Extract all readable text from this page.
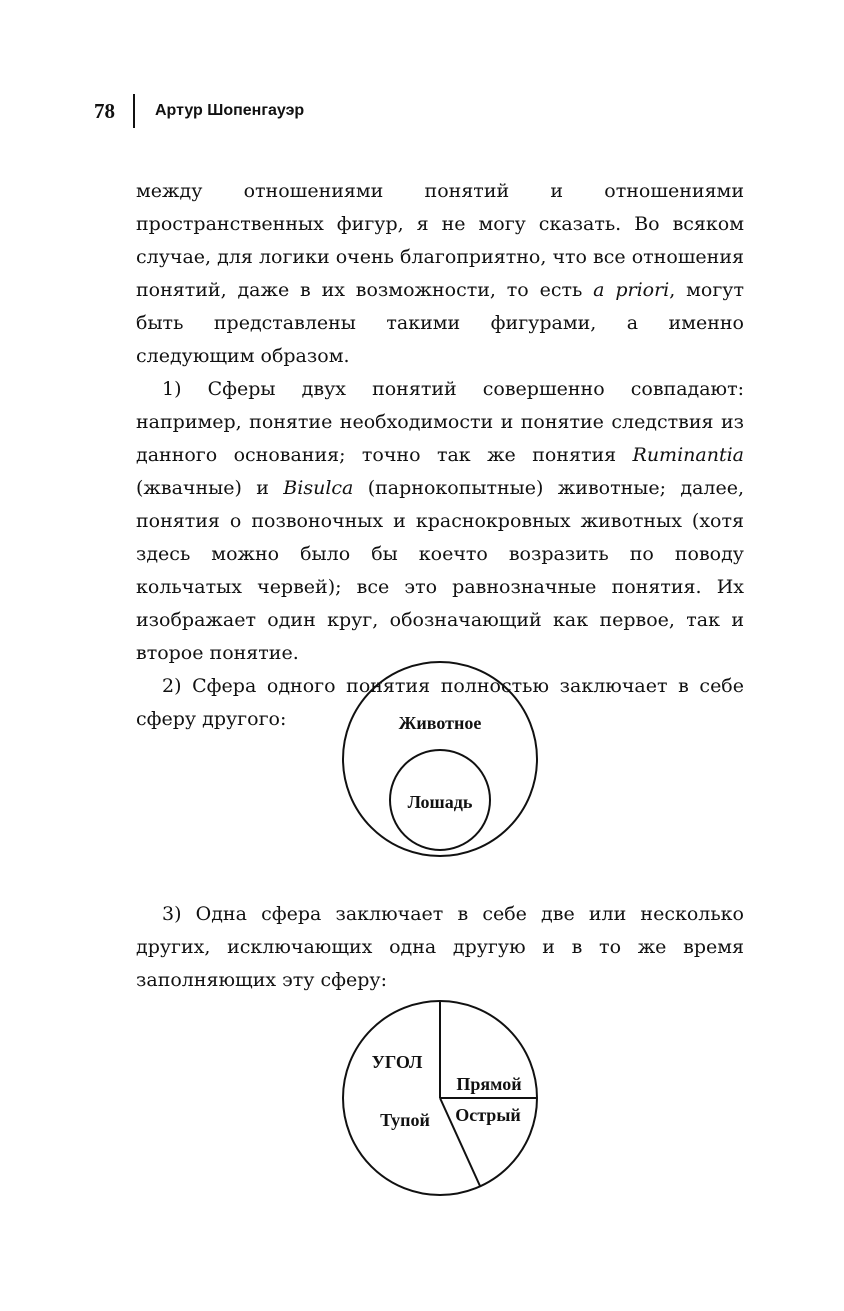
78	Артур Шопенгауэр

между отношениями понятий и отношениями пространственных фигур, я не могу сказать. Во всяком случае, для логики очень благоприятно, что все отношения понятий, даже в их возможности, то есть a priori, могут быть представлены такими фигурами, а именно следующим образом.

1) Сферы двух понятий совершенно совпадают: например, понятие необходимости и понятие следствия из данного основания; точно так же понятия Ruminantia (жвачные) и Bisulca (парнокопытные) животные; далее, понятия о позвоночных и краснокровных животных (хотя здесь можно было бы коечто возразить по поводу кольчатых червей); все это равнозначные понятия. Их изображает один круг, обозначающий как первое, так и второе понятие.

2) Сфера одного понятия полностью заключает в себе сферу другого:	Животное
Лошадь
УГОЛ
Тупой
Прямой
Острый

3) Одна сфера заключает в себе две или несколько других, исключающих одна другую и в то же время заполняющих эту сферу:
